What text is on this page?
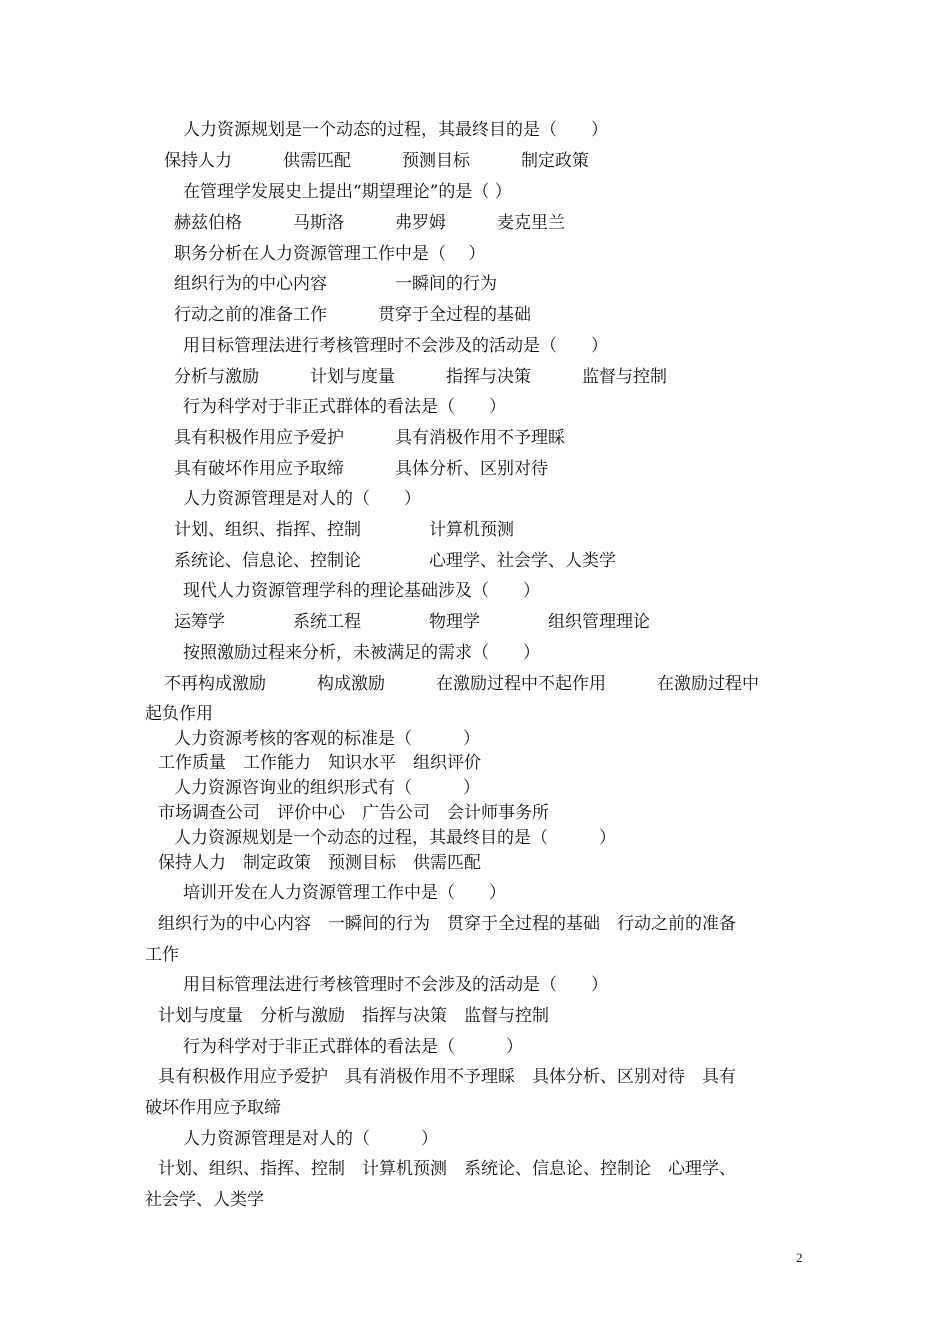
人力资源规划是一个动态的过程，其最终目的是（　　）
保持人力　　　供需匹配　　　预测目标　　　制定政策
在管理学发展史上提出“期望理论”的是（ ）
赫兹伯格　　　马斯洛　　　弗罗姆　　　麦克里兰
职务分析在人力资源管理工作中是（　 ）
组织行为的中心内容　　　　一瞬间的行为
行动之前的准备工作　　　贯穿于全过程的基础
用目标管理法进行考核管理时不会涉及的活动是（　　）
分析与激励　　　计划与度量　　　指挥与决策　　　监督与控制
行为科学对于非正式群体的看法是（　　）
具有积极作用应予爱护　　　具有消极作用不予理睬
具有破坏作用应予取缔　　　具体分析、区别对待
人力资源管理是对人的（　　）
计划、组织、指挥、控制　　　　计算机预测
系统论、信息论、控制论　　　　心理学、社会学、人类学
现代人力资源管理学科的理论基础涉及（　　）
运筹学　　　　系统工程　　　　物理学　　　　组织管理理论
按照激励过程来分析，未被满足的需求（　　）
不再构成激励　　　构成激励　　　在激励过程中不起作用　　　在激励过程中
起负作用
人力资源考核的客观的标准是（　　　）
工作质量　工作能力　知识水平　组织评价
人力资源咨询业的组织形式有（　　　）
市场调查公司　评价中心　广告公司　会计师事务所
人力资源规划是一个动态的过程，其最终目的是（　　　）
保持人力　制定政策　预测目标　供需匹配
培训开发在人力资源管理工作中是（　　）
组织行为的中心内容　一瞬间的行为　贯穿于全过程的基础　行动之前的准备
工作
用目标管理法进行考核管理时不会涉及的活动是（　　）
计划与度量　分析与激励　指挥与决策　监督与控制
行为科学对于非正式群体的看法是（　　　）
具有积极作用应予爱护　具有消极作用不予理睬　具体分析、区别对待　具有
破坏作用应予取缔
人力资源管理是对人的（　　　）
计划、组织、指挥、控制　计算机预测　系统论、信息论、控制论　心理学、
社会学、人类学
2
